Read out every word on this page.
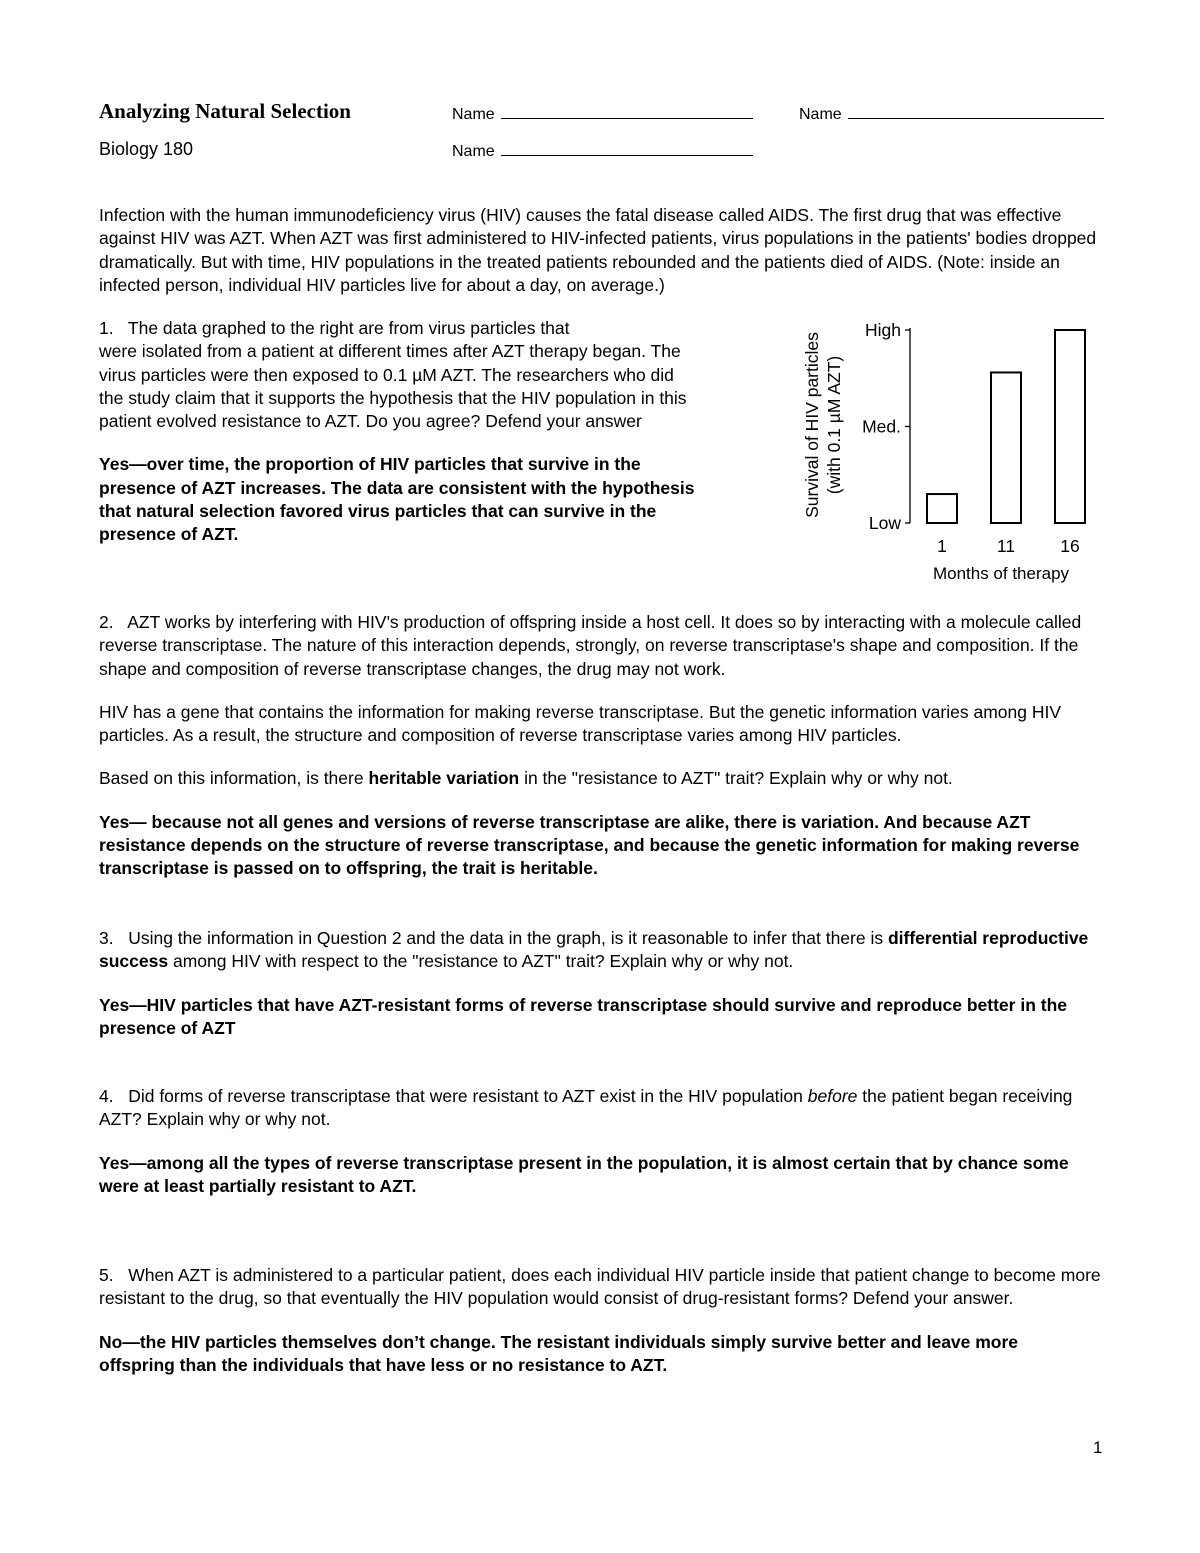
Analyzing Natural Selection
Biology 180
Name	Name
Name

Infection with the human immunodeficiency virus (HIV) causes the fatal disease called AIDS. The first drug that was effective against HIV was AZT. When AZT was first administered to HIV-infected patients, virus populations in the patients' bodies dropped dramatically. But with time, HIV populations in the treated patients rebounded and the patients died of AIDS. (Note: inside an infected person, individual HIV particles live for about a day, on average.)

1. The data graphed to the right are from virus particles that

were isolated from a patient at different times after AZT therapy began. The

virus particles were then exposed to 0.1 µM AZT. The researchers who did

the study claim that it supports the hypothesis that the HIV population in this

patient evolved resistance to AZT. Do you agree? Defend your answer

Yes—over time, the proportion of HIV particles that survive in the presence of AZT increases. The data are consistent with the hypothesis that natural selection favored virus particles that can survive in the presence of AZT.

Survival of HIV particles (with 0.1 µM AZT)
Low
Med.
High
1	11	16
Months of therapy

2. AZT works by interfering with HIV's production of offspring inside a host cell. It does so by interacting with a molecule called reverse transcriptase. The nature of this interaction depends, strongly, on reverse transcriptase's shape and composition. If the shape and composition of reverse transcriptase changes, the drug may not work.

HIV has a gene that contains the information for making reverse transcriptase. But the genetic information varies among HIV particles. As a result, the structure and composition of reverse transcriptase varies among HIV particles.

Based on this information, is there heritable variation in the "resistance to AZT" trait? Explain why or why not.

Yes— because not all genes and versions of reverse transcriptase are alike, there is variation. And because AZT resistance depends on the structure of reverse transcriptase, and because the genetic information for making reverse transcriptase is passed on to offspring, the trait is heritable.

3. Using the information in Question 2 and the data in the graph, is it reasonable to infer that there is differential reproductive success among HIV with respect to the "resistance to AZT" trait? Explain why or why not.

Yes—HIV particles that have AZT-resistant forms of reverse transcriptase should survive and reproduce better in the presence of AZT

4. Did forms of reverse transcriptase that were resistant to AZT exist in the HIV population before the patient began receiving AZT? Explain why or why not.

Yes—among all the types of reverse transcriptase present in the population, it is almost certain that by chance some were at least partially resistant to AZT.

5. When AZT is administered to a particular patient, does each individual HIV particle inside that patient change to become more resistant to the drug, so that eventually the HIV population would consist of drug-resistant forms? Defend your answer.

No—the HIV particles themselves don’t change. The resistant individuals simply survive better and leave more offspring than the individuals that have less or no resistance to AZT.

1
